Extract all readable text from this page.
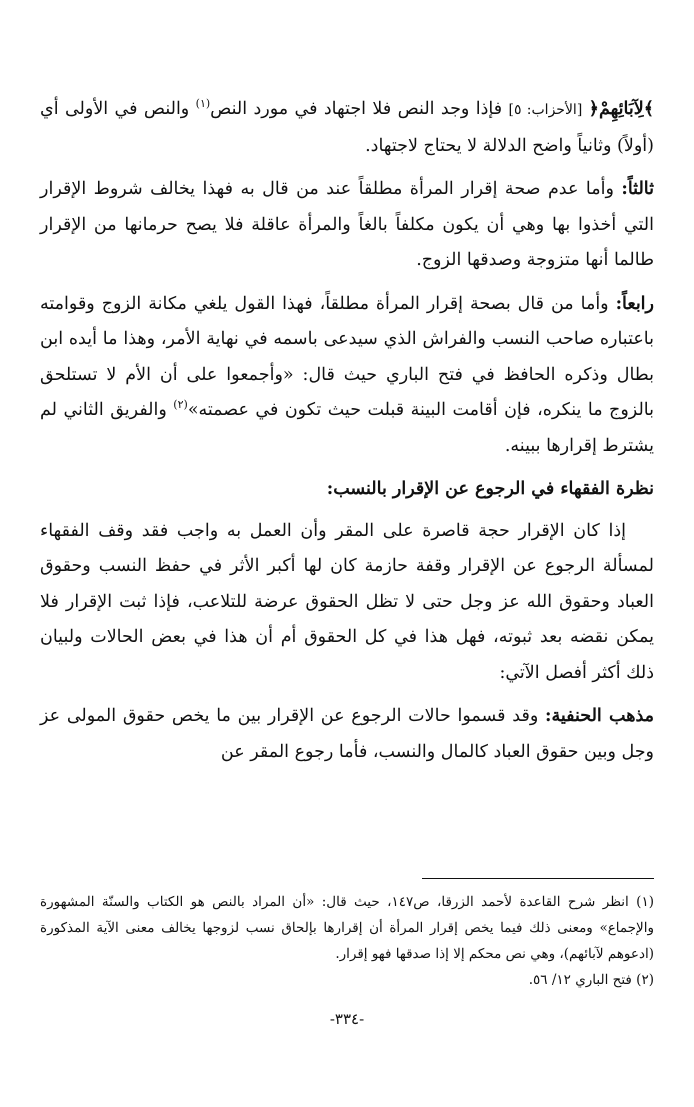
﴾لِآبَائِهِمْ﴿ [الأحزاب: ٥] فإذا وجد النص فلا اجتهاد في مورد النص$^{(١)}$ والنص في الأولى أي (أولاً) وثانياً واضح الدلالة لا يحتاج لاجتهاد.

ثالثاً: وأما عدم صحة إقرار المرأة مطلقاً عند من قال به فهذا يخالف شروط الإقرار التي أخذوا بها وهي أن يكون مكلفاً بالغاً والمرأة عاقلة فلا يصح حرمانها من الإقرار طالما أنها متزوجة وصدقها الزوج.

رابعاً: وأما من قال بصحة إقرار المرأة مطلقاً، فهذا القول يلغي مكانة الزوج وقوامته باعتباره صاحب النسب والفراش الذي سيدعى باسمه في نهاية الأمر، وهذا ما أيده ابن بطال وذكره الحافظ في فتح الباري حيث قال: «وأجمعوا على أن الأم لا تستلحق بالزوج ما ينكره، فإن أقامت البينة قبلت حيث تكون في عصمته»$^{(٢)}$ والفريق الثاني لم يشترط إقرارها ببينه.

نظرة الفقهاء في الرجوع عن الإقرار بالنسب:

إذا كان الإقرار حجة قاصرة على المقر وأن العمل به واجب فقد وقف الفقهاء لمسألة الرجوع عن الإقرار وقفة حازمة كان لها أكبر الأثر في حفظ النسب وحقوق العباد وحقوق الله عز وجل حتى لا تظل الحقوق عرضة للتلاعب، فإذا ثبت الإقرار فلا يمكن نقضه بعد ثبوته، فهل هذا في كل الحقوق أم أن هذا في بعض الحالات ولبيان ذلك أكثر أفصل الآتي:

مذهب الحنفية: وقد قسموا حالات الرجوع عن الإقرار بين ما يخص حقوق المولى عز وجل وبين حقوق العباد كالمال والنسب، فأما رجوع المقر عن

(١) انظر شرح القاعدة لأحمد الزرقا، ص١٤٧، حيث قال: «أن المراد بالنص هو الكتاب والسنّة المشهورة والإجماع» ومعنى ذلك فيما يخص إقرار المرأة أن إقرارها بإلحاق نسب لزوجها يخالف معنى الآية المذكورة (ادعوهم لآبائهم)، وهي نص محكم إلا إذا صدقها فهو إقرار.

(٢) فتح الباري ١٢/ ٥٦.

-٣٣٤-
